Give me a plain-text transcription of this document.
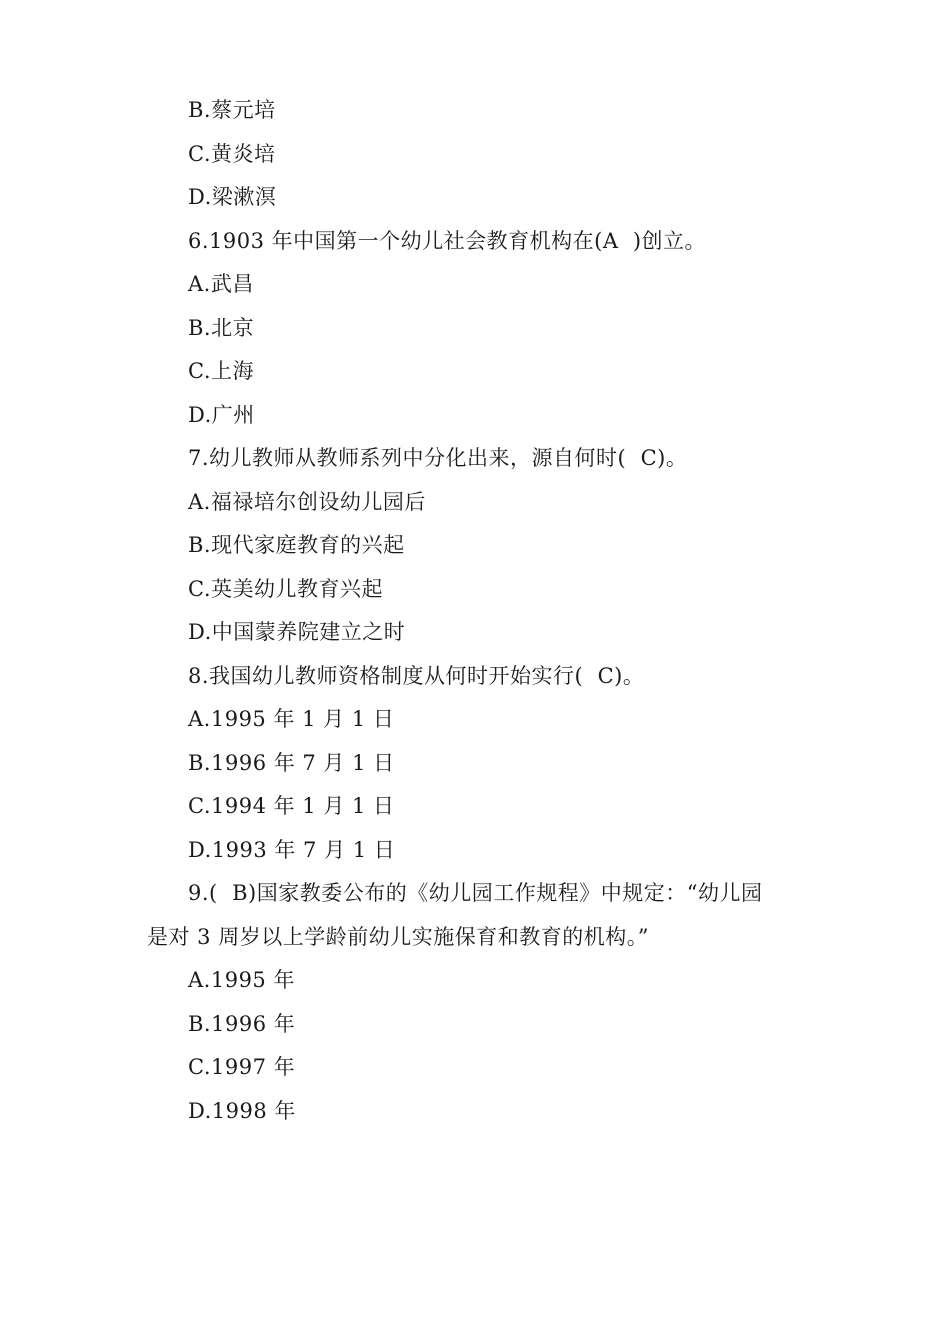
B.蔡元培
C.黄炎培
D.梁漱溟
6.1903 年中国第一个幼儿社会教育机构在(A  )创立。
A.武昌
B.北京
C.上海
D.广州
7.幼儿教师从教师系列中分化出来，源自何时(  C)。
A.福禄培尔创设幼儿园后
B.现代家庭教育的兴起
C.英美幼儿教育兴起
D.中国蒙养院建立之时
8.我国幼儿教师资格制度从何时开始实行(  C)。
A.1995 年 1 月 1 日
B.1996 年 7 月 1 日
C.1994 年 1 月 1 日
D.1993 年 7 月 1 日
9.(  B)国家教委公布的《幼儿园工作规程》中规定：“幼儿园
是对 3 周岁以上学龄前幼儿实施保育和教育的机构。”
A.1995 年
B.1996 年
C.1997 年
D.1998 年
